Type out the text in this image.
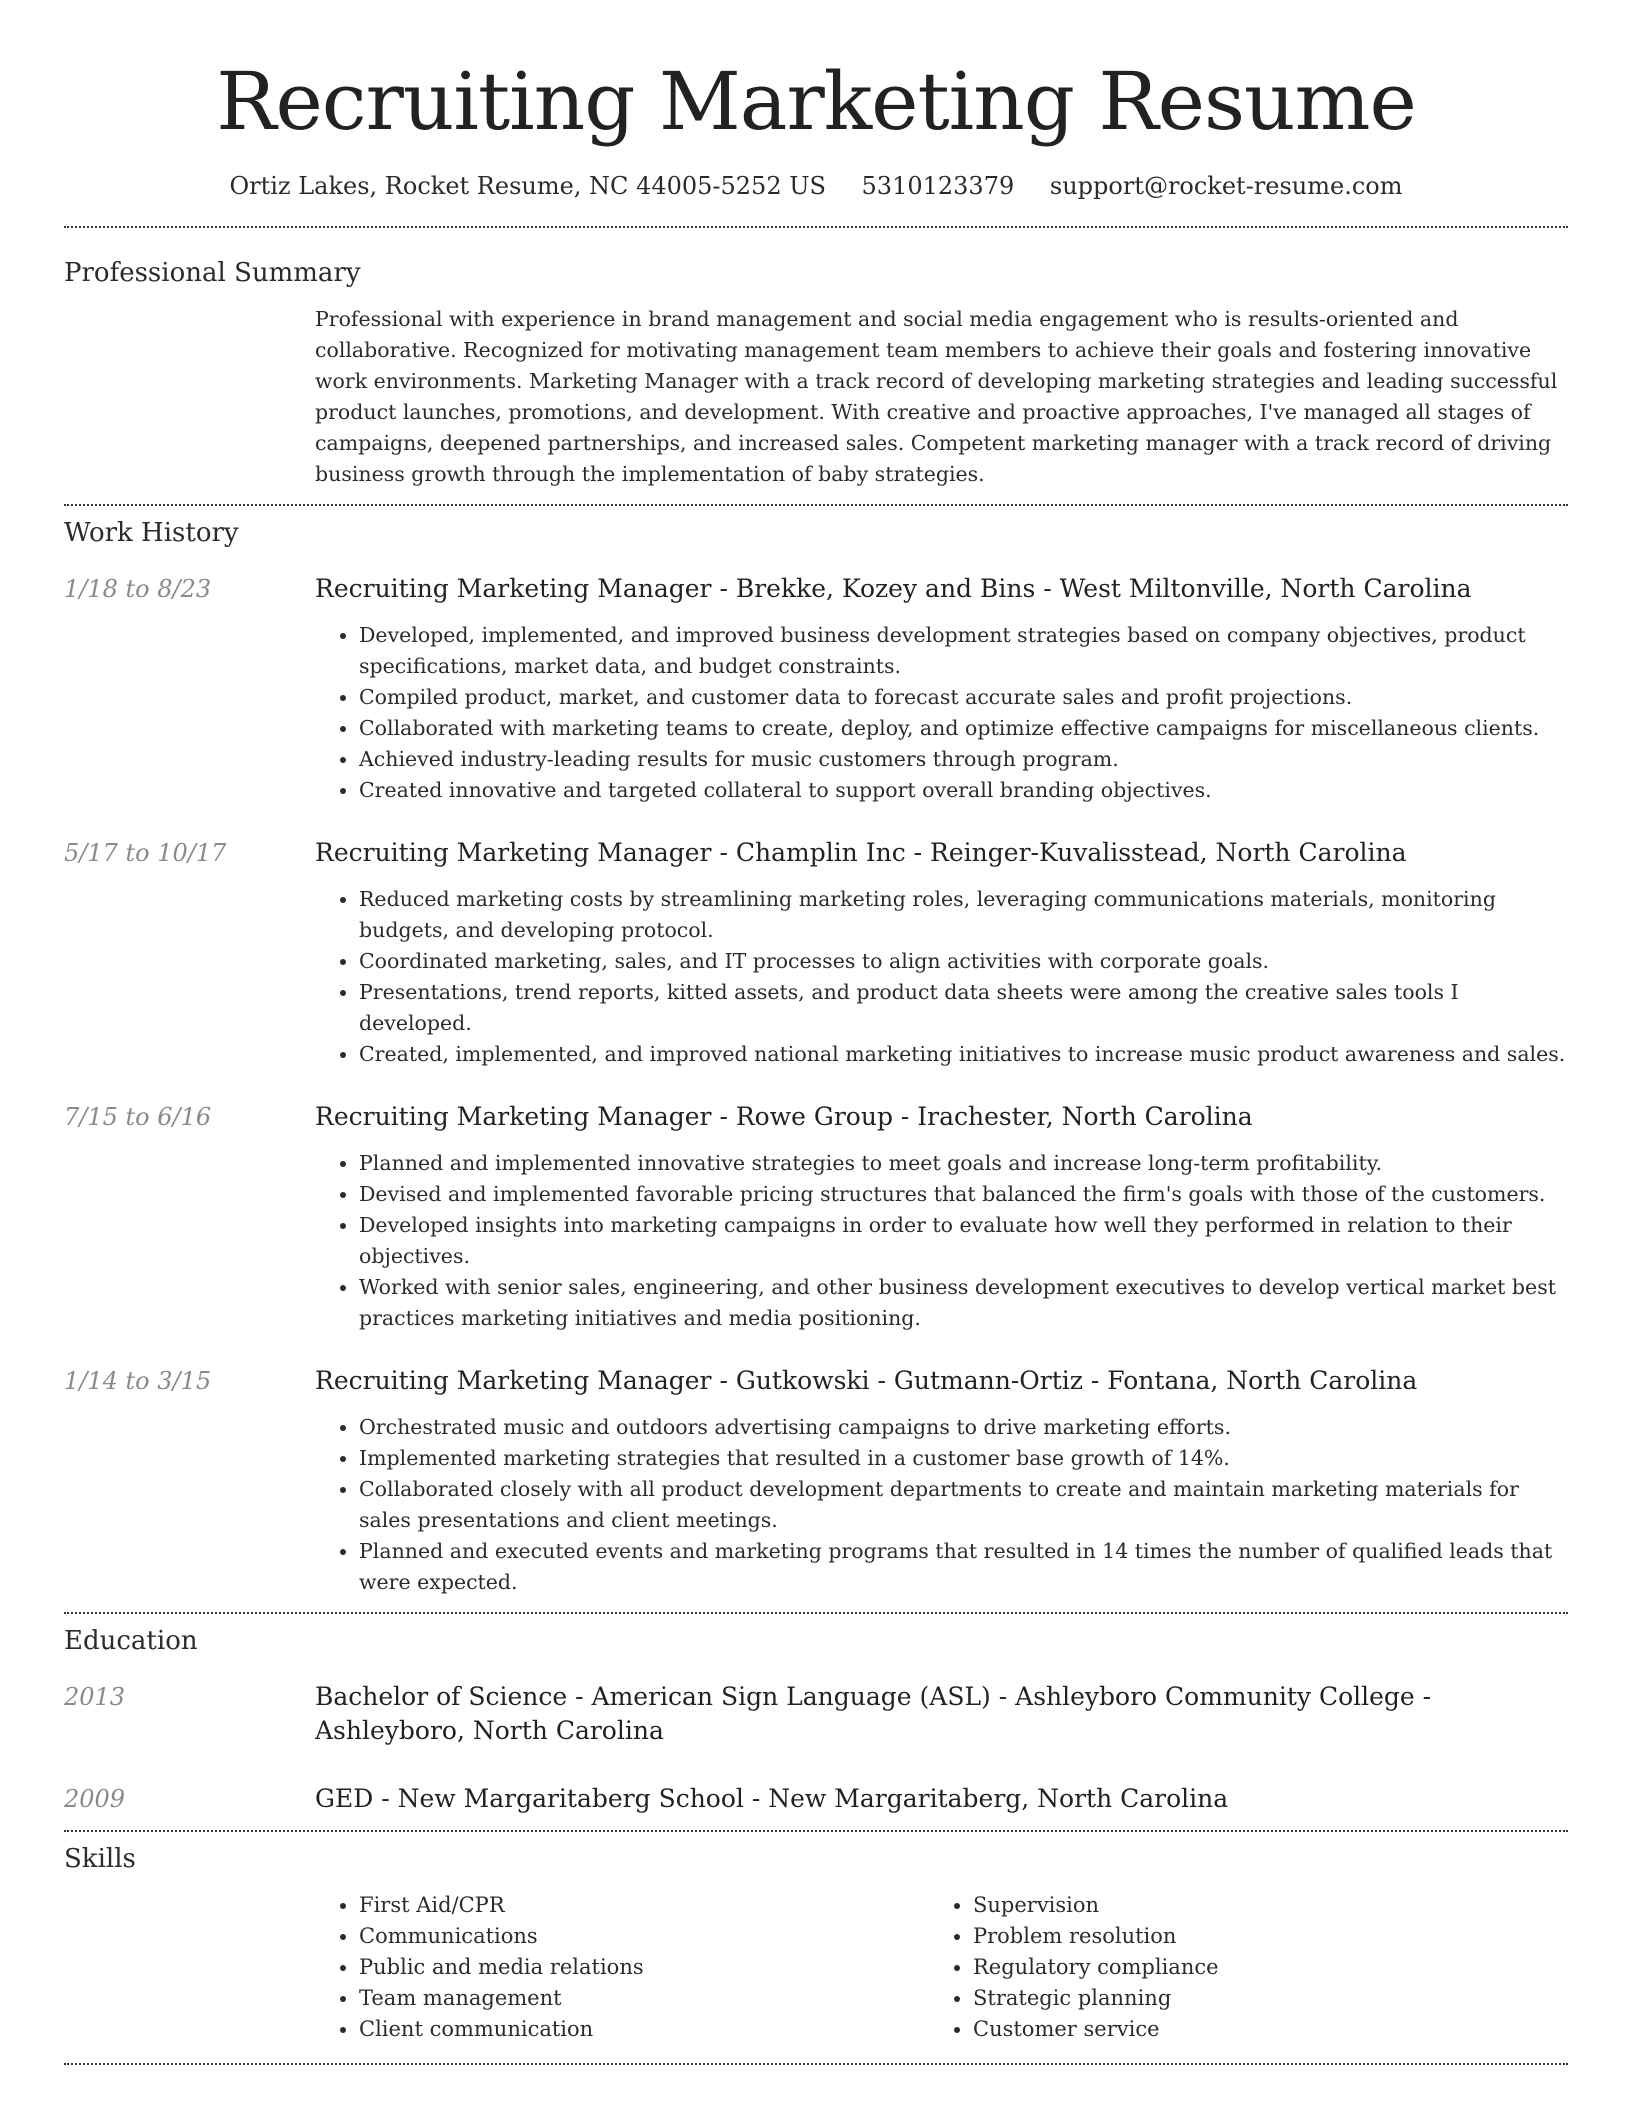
Recruiting Marketing Resume
Ortiz Lakes, Rocket Resume, NC 44005-5252 US 5310123379 support@rocket-resume.com
Professional Summary

Professional with experience in brand management and social media engagement who is results-oriented and collaborative. Recognized for motivating management team members to achieve their goals and fostering innovative work environments. Marketing Manager with a track record of developing marketing strategies and leading successful product launches, promotions, and development. With creative and proactive approaches, I've managed all stages of campaigns, deepened partnerships, and increased sales. Competent marketing manager with a track record of driving business growth through the implementation of baby strategies.

Work History
1/18 to 8/23	Recruiting Marketing Manager - Brekke, Kozey and Bins - West Miltonville, North Carolina
• Developed, implemented, and improved business development strategies based on company objectives, product specifications, market data, and budget constraints.
• Compiled product, market, and customer data to forecast accurate sales and profit projections.
• Collaborated with marketing teams to create, deploy, and optimize effective campaigns for miscellaneous clients.
• Achieved industry-leading results for music customers through program.
• Created innovative and targeted collateral to support overall branding objectives.
5/17 to 10/17	Recruiting Marketing Manager - Champlin Inc - Reinger-Kuvalisstead, North Carolina
• Reduced marketing costs by streamlining marketing roles, leveraging communications materials, monitoring budgets, and developing protocol.
• Coordinated marketing, sales, and IT processes to align activities with corporate goals.
• Presentations, trend reports, kitted assets, and product data sheets were among the creative sales tools I developed.
• Created, implemented, and improved national marketing initiatives to increase music product awareness and sales.
7/15 to 6/16	Recruiting Marketing Manager - Rowe Group - Irachester, North Carolina
• Planned and implemented innovative strategies to meet goals and increase long-term profitability.
• Devised and implemented favorable pricing structures that balanced the firm's goals with those of the customers.
• Developed insights into marketing campaigns in order to evaluate how well they performed in relation to their objectives.
• Worked with senior sales, engineering, and other business development executives to develop vertical market best practices marketing initiatives and media positioning.
1/14 to 3/15	Recruiting Marketing Manager - Gutkowski - Gutmann-Ortiz - Fontana, North Carolina
• Orchestrated music and outdoors advertising campaigns to drive marketing efforts.
• Implemented marketing strategies that resulted in a customer base growth of 14%.
• Collaborated closely with all product development departments to create and maintain marketing materials for sales presentations and client meetings.
• Planned and executed events and marketing programs that resulted in 14 times the number of qualified leads that were expected.
Education
2013	Bachelor of Science - American Sign Language (ASL) - Ashleyboro Community College - Ashleyboro, North Carolina
2009	GED - New Margaritaberg School - New Margaritaberg, North Carolina
Skills
• First Aid/CPR
• Communications
• Public and media relations
• Team management
• Client communication
• Supervision
• Problem resolution
• Regulatory compliance
• Strategic planning
• Customer service
